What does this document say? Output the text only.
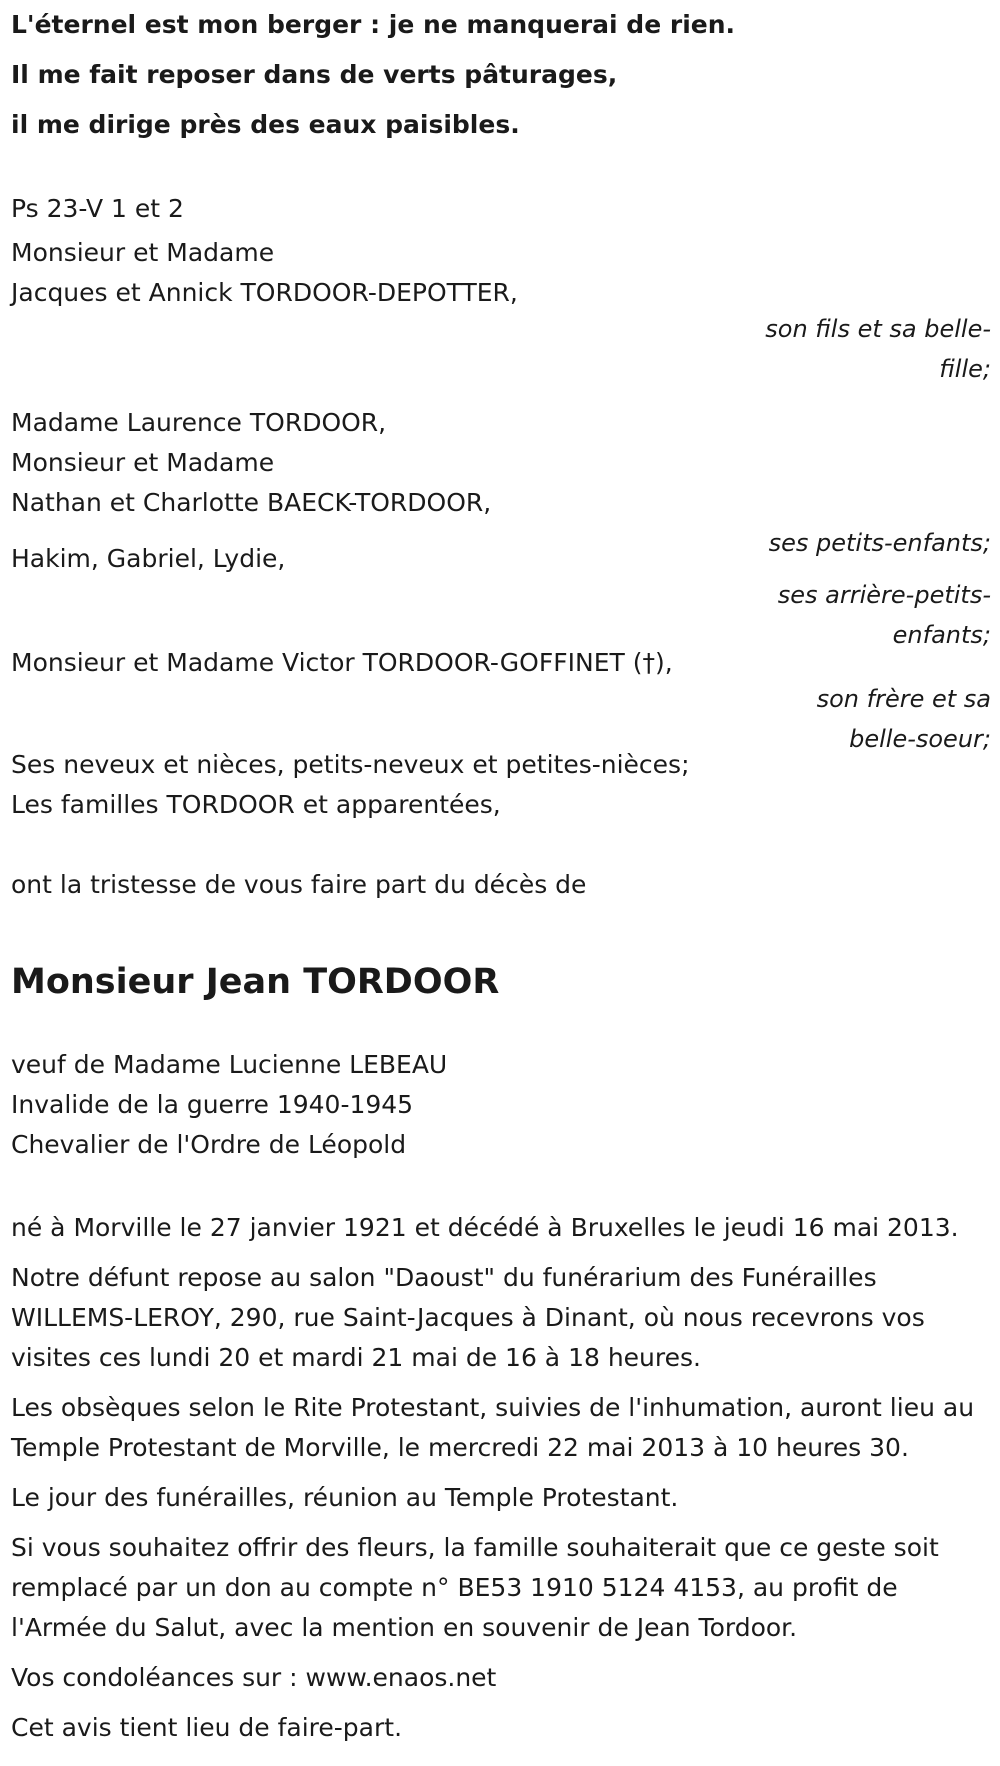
L'éternel est mon berger : je ne manquerai de rien.
Il me fait reposer dans de verts pâturages,
il me dirige près des eaux paisibles.
Ps 23-V 1 et 2
Monsieur et Madame
Jacques et Annick TORDOOR-DEPOTTER,
son fils et sa belle-
fille;
Madame Laurence TORDOOR,
Monsieur et Madame
Nathan et Charlotte BAECK-TORDOOR,
ses petits-enfants;
Hakim, Gabriel, Lydie,
ses arrière-petits-
enfants;
Monsieur et Madame Victor TORDOOR-GOFFINET (†),
son frère et sa
belle-soeur;
Ses neveux et nièces, petits-neveux et petites-nièces;
Les familles TORDOOR et apparentées,
ont la tristesse de vous faire part du décès de
Monsieur Jean TORDOOR
veuf de Madame Lucienne LEBEAU
Invalide de la guerre 1940-1945
Chevalier de l'Ordre de Léopold
né à Morville le 27 janvier 1921 et décédé à Bruxelles le jeudi 16 mai 2013.
Notre défunt repose au salon "Daoust" du funérarium des Funérailles WILLEMS-LEROY, 290, rue Saint-Jacques à Dinant, où nous recevrons vos visites ces lundi 20 et mardi 21 mai de 16 à 18 heures.
Les obsèques selon le Rite Protestant, suivies de l'inhumation, auront lieu au Temple Protestant de Morville, le mercredi 22 mai 2013 à 10 heures 30.
Le jour des funérailles, réunion au Temple Protestant.
Si vous souhaitez offrir des fleurs, la famille souhaiterait que ce geste soit remplacé par un don au compte n° BE53 1910 5124 4153, au profit de l'Armée du Salut, avec la mention en souvenir de Jean Tordoor.
Vos condoléances sur : www.enaos.net
Cet avis tient lieu de faire-part.
